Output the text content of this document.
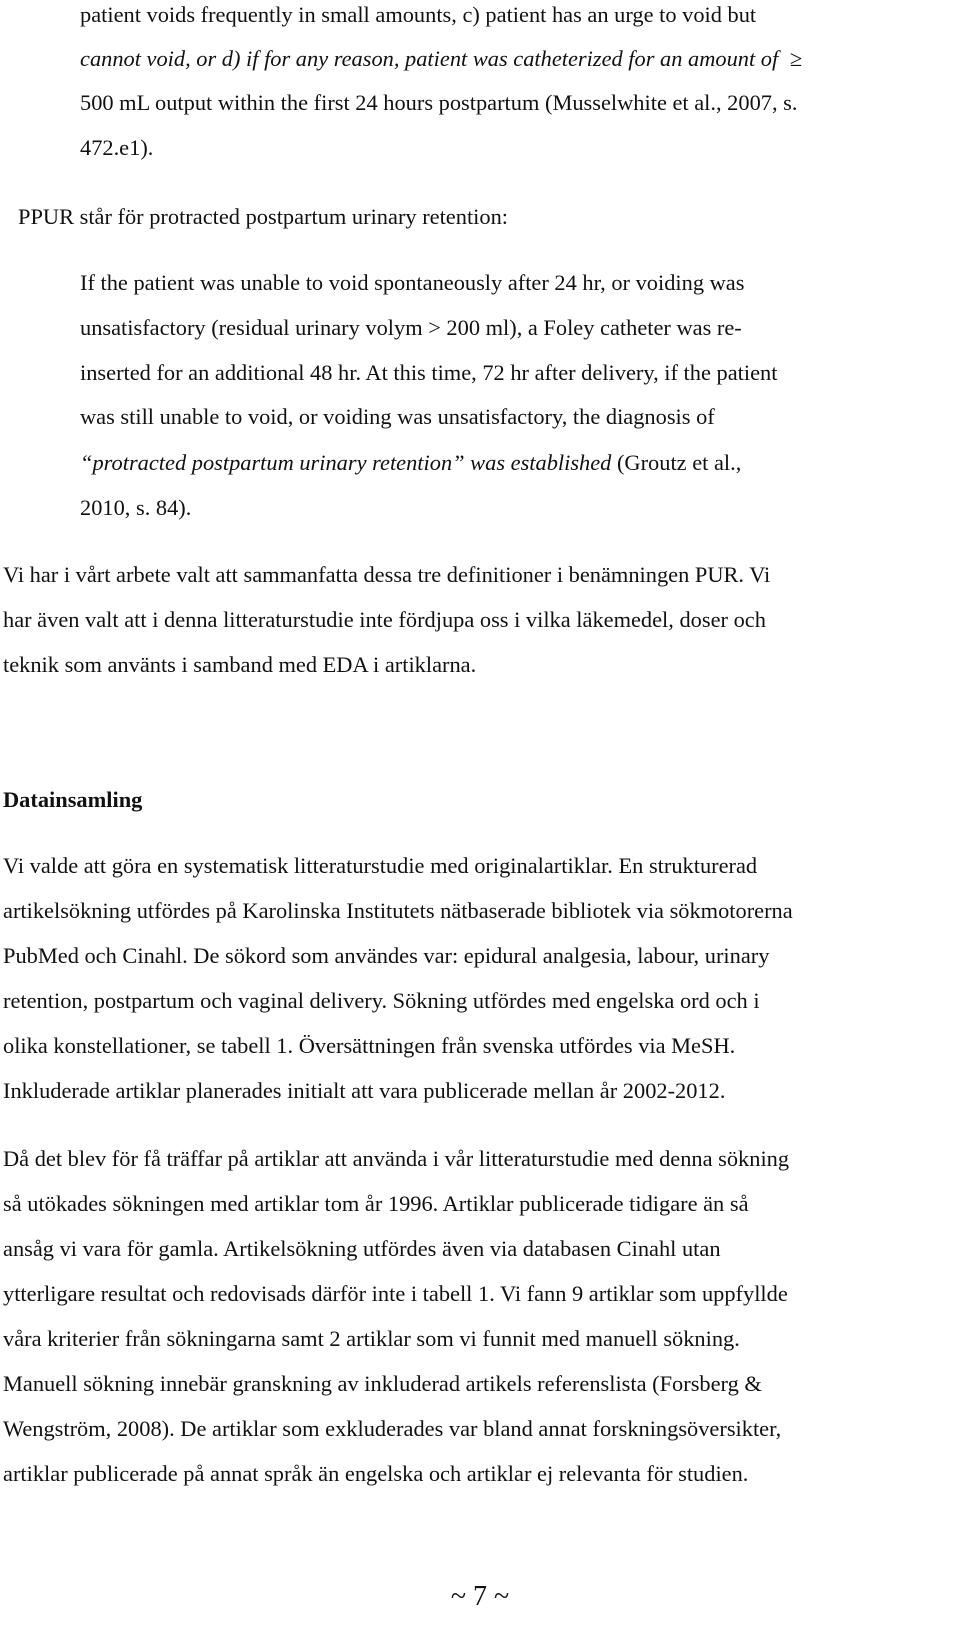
patient voids frequently in small amounts, c) patient has an urge to void but
cannot void, or d) if for any reason, patient was catheterized for an amount of ≥
500 mL output within the first 24 hours postpartum (Musselwhite et al., 2007, s.
472.e1).
PPUR står för protracted postpartum urinary retention:
If the patient was unable to void spontaneously after 24 hr, or voiding was
unsatisfactory (residual urinary volym > 200 ml), a Foley catheter was re-
inserted for an additional 48 hr. At this time, 72 hr after delivery, if the patient
was still unable to void, or voiding was unsatisfactory, the diagnosis of
“protracted postpartum urinary retention” was established (Groutz et al.,
2010, s. 84).
Vi har i vårt arbete valt att sammanfatta dessa tre definitioner i benämningen PUR. Vi
har även valt att i denna litteraturstudie inte fördjupa oss i vilka läkemedel, doser och
teknik som använts i samband med EDA i artiklarna.
Datainsamling
Vi valde att göra en systematisk litteraturstudie med originalartiklar. En strukturerad
artikelsökning utfördes på Karolinska Institutets nätbaserade bibliotek via sökmotorerna
PubMed och Cinahl. De sökord som användes var: epidural analgesia, labour, urinary
retention, postpartum och vaginal delivery. Sökning utfördes med engelska ord och i
olika konstellationer, se tabell 1. Översättningen från svenska utfördes via MeSH.
Inkluderade artiklar planerades initialt att vara publicerade mellan år 2002-2012.
Då det blev för få träffar på artiklar att använda i vår litteraturstudie med denna sökning
så utökades sökningen med artiklar tom år 1996. Artiklar publicerade tidigare än så
ansåg vi vara för gamla. Artikelsökning utfördes även via databasen Cinahl utan
ytterligare resultat och redovisads därför inte i tabell 1. Vi fann 9 artiklar som uppfyllde
våra kriterier från sökningarna samt 2 artiklar som vi funnit med manuell sökning.
Manuell sökning innebär granskning av inkluderad artikels referenslista (Forsberg &
Wengström, 2008). De artiklar som exkluderades var bland annat forskningsöversikter,
artiklar publicerade på annat språk än engelska och artiklar ej relevanta för studien.
~ 7 ~
